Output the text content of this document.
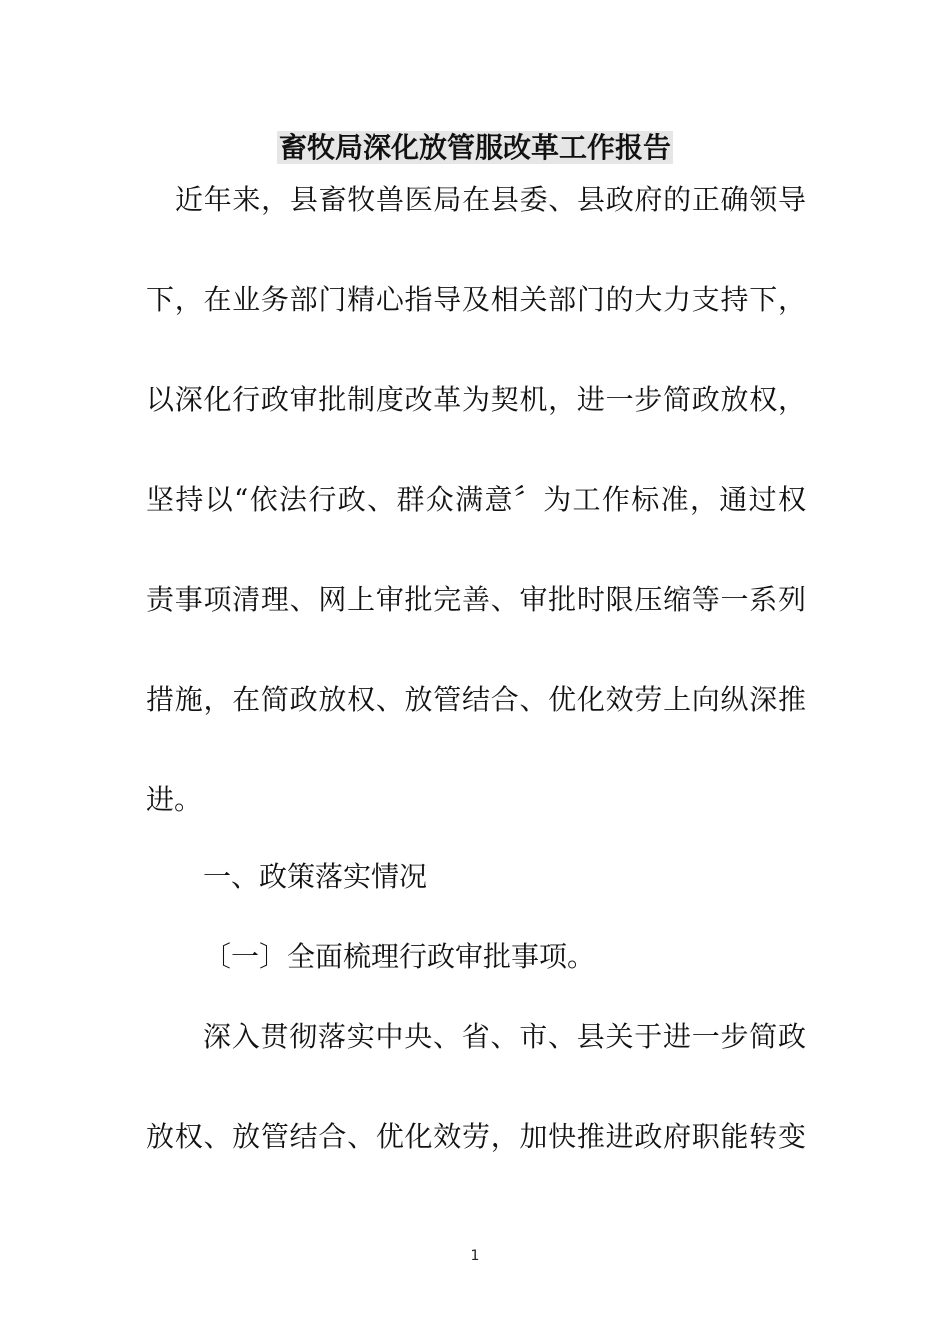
畜牧局深化放管服改革工作报告
近年来，县畜牧兽医局在县委、县政府的正确领导
下，在业务部门精心指导及相关部门的大力支持下，
以深化行政审批制度改革为契机，进一步简政放权，
坚持以“依法行政、群众满意〞为工作标准，通过权
责事项清理、网上审批完善、审批时限压缩等一系列
措施，在简政放权、放管结合、优化效劳上向纵深推
进。
一、政策落实情况
〔一〕全面梳理行政审批事项。
深入贯彻落实中央、省、市、县关于进一步简政
放权、放管结合、优化效劳，加快推进政府职能转变
1
